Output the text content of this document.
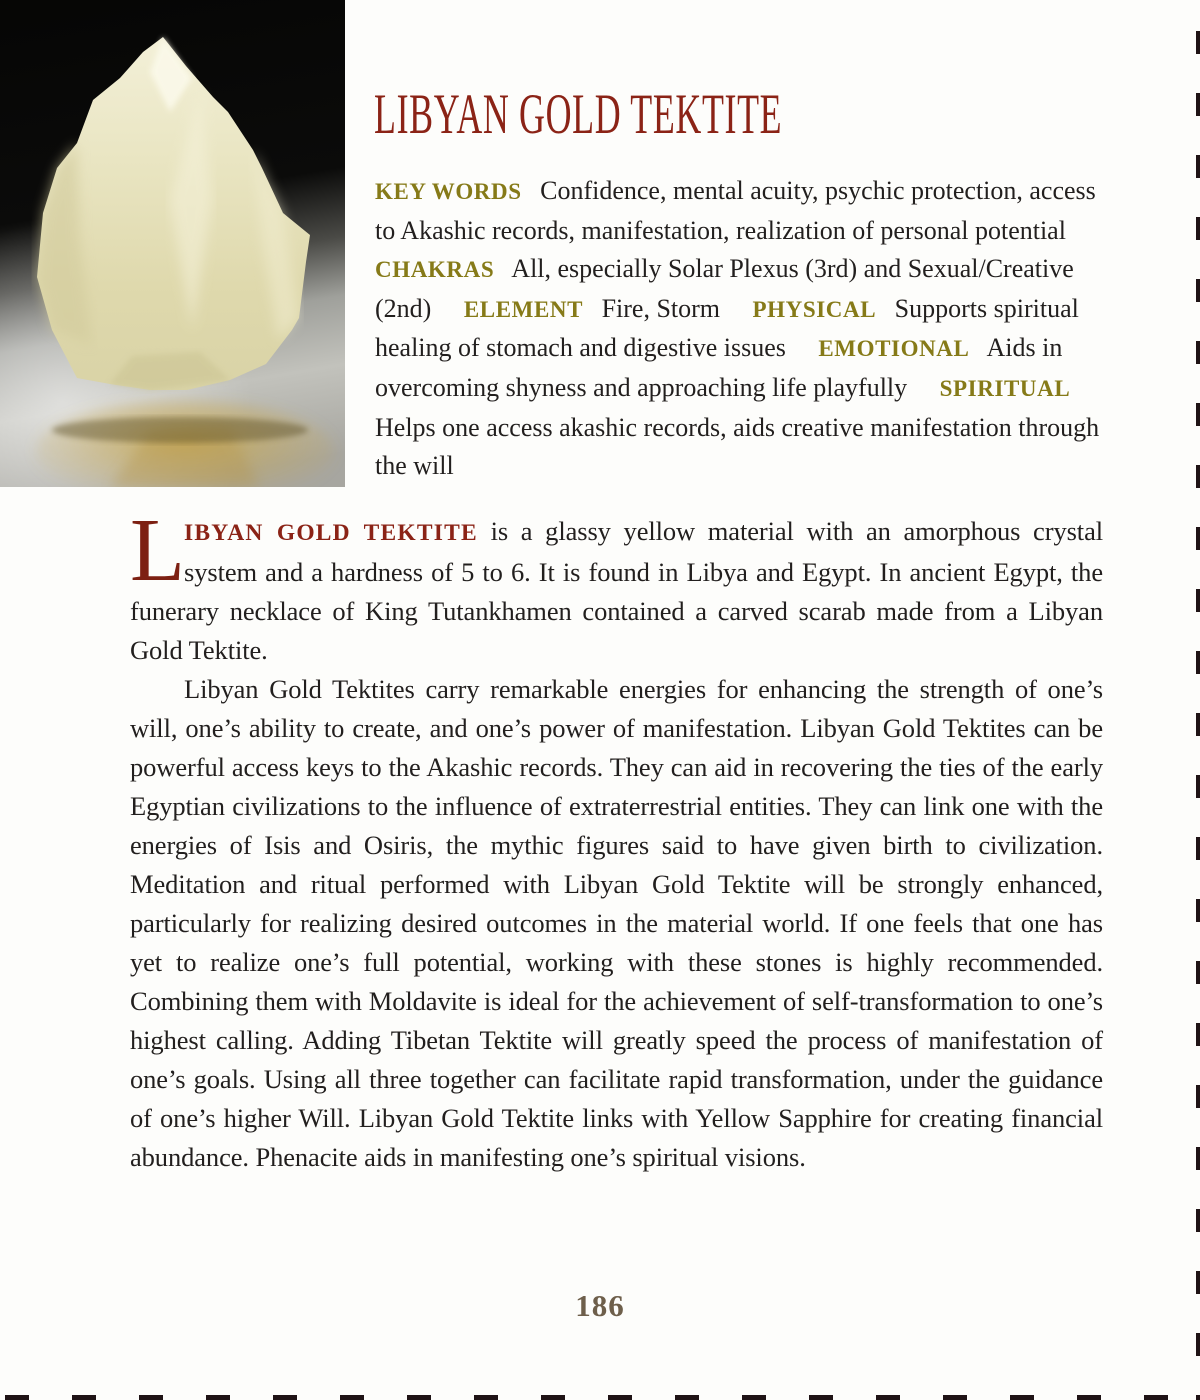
LIBYAN GOLD TEKTITE
KEY WORDS Confidence, mental acuity, psychic protection, access to Akashic records, manifestation, realization of personal potential CHAKRAS All, especially Solar Plexus (3rd) and Sexual/Creative (2nd) ELEMENT Fire, Storm PHYSICAL Supports spiritual healing of stomach and digestive issues EMOTIONAL Aids in overcoming shyness and approaching life playfully SPIRITUAL Helps one access akashic records, aids creative manifestation through the will

L IBYAN GOLD TEKTITE is a glassy yellow material with an amorphous crystal system and a hardness of 5 to 6. It is found in Libya and Egypt. In ancient Egypt, the funerary necklace of King Tutankhamen contained a carved scarab made from a Libyan Gold Tektite.

Libyan Gold Tektites carry remarkable energies for enhancing the strength of one’s will, one’s ability to create, and one’s power of manifestation. Libyan Gold Tektites can be powerful access keys to the Akashic records. They can aid in recovering the ties of the early Egyptian civilizations to the influence of extraterrestrial entities. They can link one with the energies of Isis and Osiris, the mythic figures said to have given birth to civilization. Meditation and ritual performed with Libyan Gold Tektite will be strongly enhanced, particularly for realizing desired outcomes in the material world. If one feels that one has yet to realize one’s full potential, working with these stones is highly recommended. Combining them with Moldavite is ideal for the achievement of self-transformation to one’s highest calling. Adding Tibetan Tektite will greatly speed the process of manifestation of one’s goals. Using all three together can facilitate rapid transformation, under the guidance of one’s higher Will. Libyan Gold Tektite links with Yellow Sapphire for creating financial abundance. Phenacite aids in manifesting one’s spiritual visions.

186
